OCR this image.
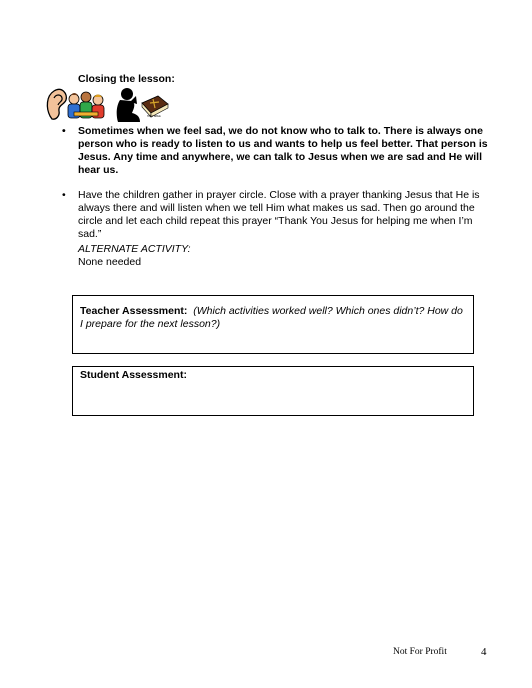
Closing the lesson:
HOLY BIBLE
• Sometimes when we feel sad, we do not know who to talk to. There is always one person who is ready to listen to us and wants to help us feel better. That person is Jesus. Any time and anywhere, we can talk to Jesus when we are sad and He will hear us.
• Have the children gather in prayer circle. Close with a prayer thanking Jesus that He is always there and will listen when we tell Him what makes us sad. Then go around the circle and let each child repeat this prayer “Thank You Jesus for helping me when I’m sad.”
ALTERNATE ACTIVITY:
None needed
Teacher Assessment: (Which activities worked well? Which ones didn’t? How do I prepare for the next lesson?)
Student Assessment:
Not For Profit	4
